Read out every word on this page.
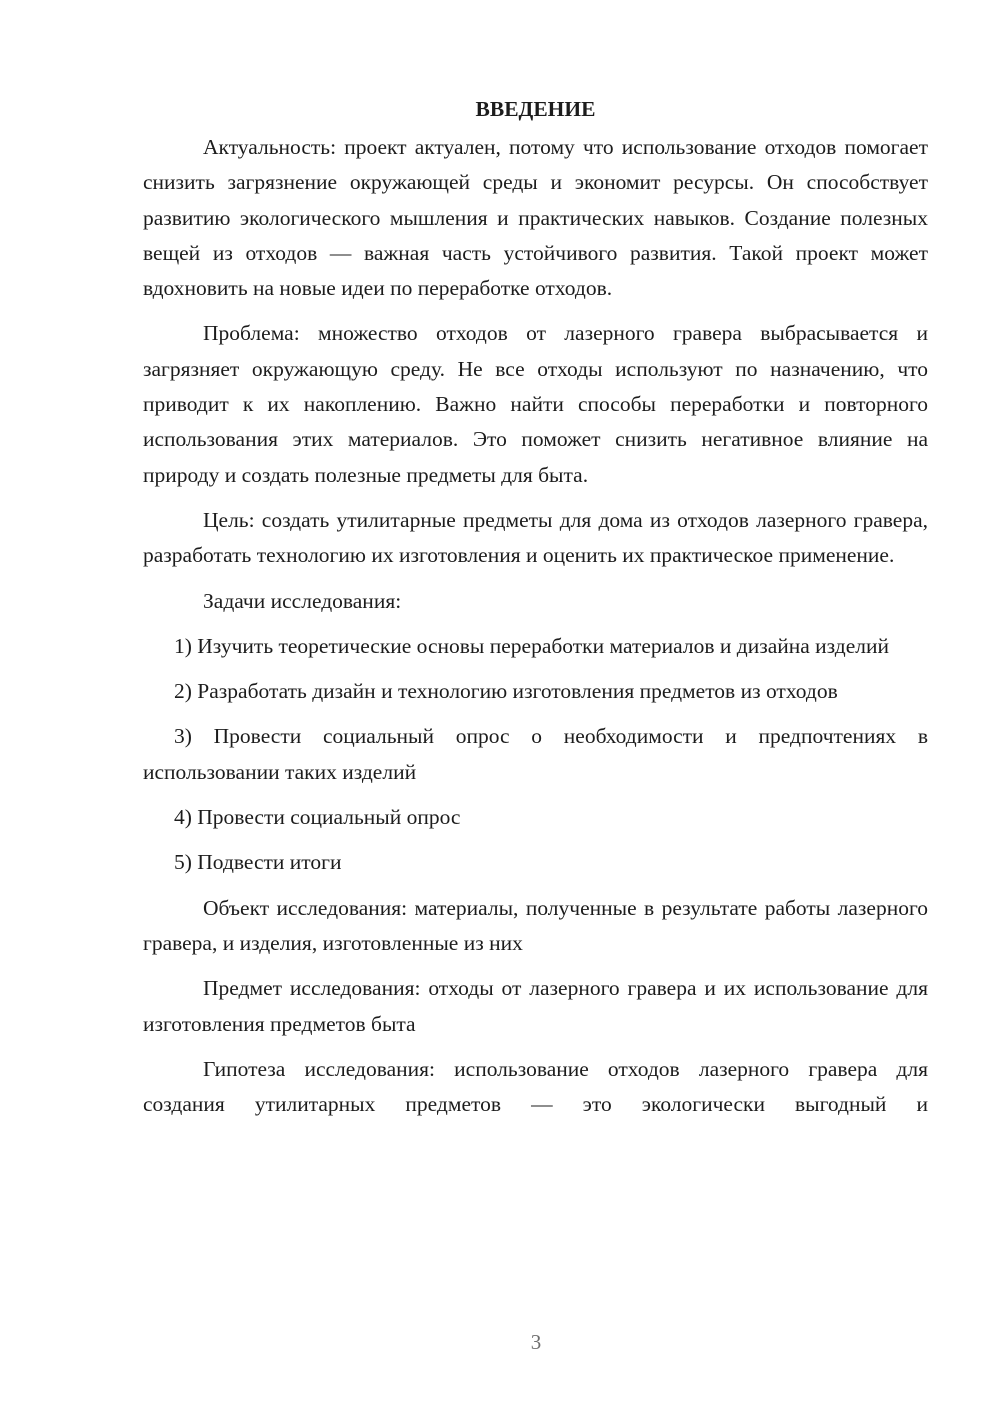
ВВЕДЕНИЕ

Актуальность: проект актуален, потому что использование отходов помогает снизить загрязнение окружающей среды и экономит ресурсы. Он способствует развитию экологического мышления и практических навыков. Создание полезных вещей из отходов — важная часть устойчивого развития. Такой проект может вдохновить на новые идеи по переработке отходов.

Проблема: множество отходов от лазерного гравера выбрасывается и загрязняет окружающую среду. Не все отходы используют по назначению, что приводит к их накоплению. Важно найти способы переработки и повторного использования этих материалов. Это поможет снизить негативное влияние на природу и создать полезные предметы для быта.

Цель: создать утилитарные предметы для дома из отходов лазерного гравера, разработать технологию их изготовления и оценить их практическое применение.

Задачи исследования:

1) Изучить теоретические основы переработки материалов и дизайна изделий

2) Разработать дизайн и технологию изготовления предметов из отходов

3) Провести социальный опрос о необходимости и предпочтениях в использовании таких изделий

4) Провести социальный опрос

5) Подвести итоги

Объект исследования: материалы, полученные в результате работы лазерного гравера, и изделия, изготовленные из них

Предмет исследования: отходы от лазерного гравера и их использование для изготовления предметов быта

Гипотеза исследования: использование отходов лазерного гравера для создания утилитарных предметов — это экологически выгодный и

3
